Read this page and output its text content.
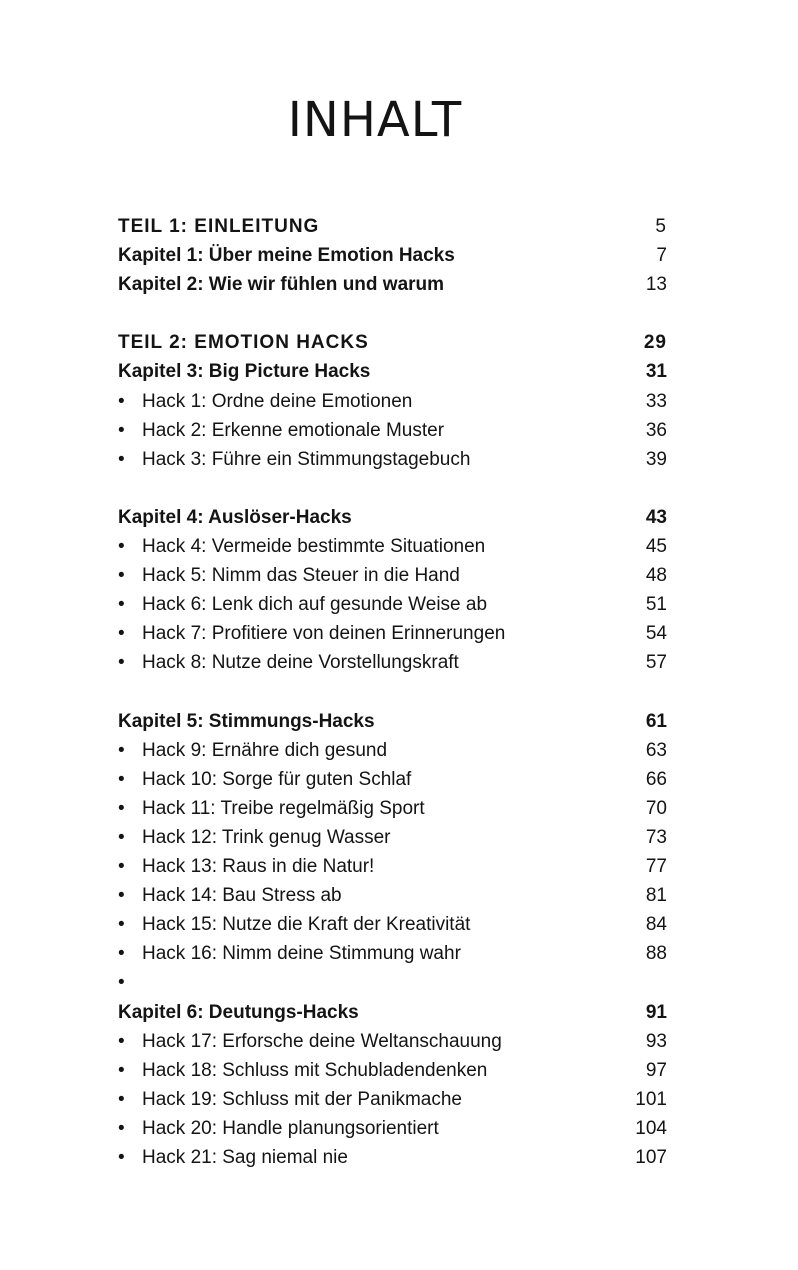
INHALT
TEIL 1: EINLEITUNG	5
Kapitel 1: Über meine Emotion Hacks	7
Kapitel 2: Wie wir fühlen und warum	13
TEIL 2: EMOTION HACKS	29
Kapitel 3: Big Picture Hacks	31
• Hack 1: Ordne deine Emotionen	33
• Hack 2: Erkenne emotionale Muster	36
• Hack 3: Führe ein Stimmungstagebuch	39
Kapitel 4: Auslöser-Hacks	43
• Hack 4: Vermeide bestimmte Situationen	45
• Hack 5: Nimm das Steuer in die Hand	48
• Hack 6: Lenk dich auf gesunde Weise ab	51
• Hack 7: Profitiere von deinen Erinnerungen	54
• Hack 8: Nutze deine Vorstellungskraft	57
Kapitel 5: Stimmungs-Hacks	61
• Hack 9: Ernähre dich gesund	63
• Hack 10: Sorge für guten Schlaf	66
• Hack 11: Treibe regelmäßig Sport	70
• Hack 12: Trink genug Wasser	73
• Hack 13: Raus in die Natur!	77
• Hack 14: Bau Stress ab	81
• Hack 15: Nutze die Kraft der Kreativität	84
• Hack 16: Nimm deine Stimmung wahr	88
•
Kapitel 6: Deutungs-Hacks	91
• Hack 17: Erforsche deine Weltanschauung	93
• Hack 18: Schluss mit Schubladendenken	97
• Hack 19: Schluss mit der Panikmache	101
• Hack 20: Handle planungsorientiert	104
• Hack 21: Sag niemal nie	107
